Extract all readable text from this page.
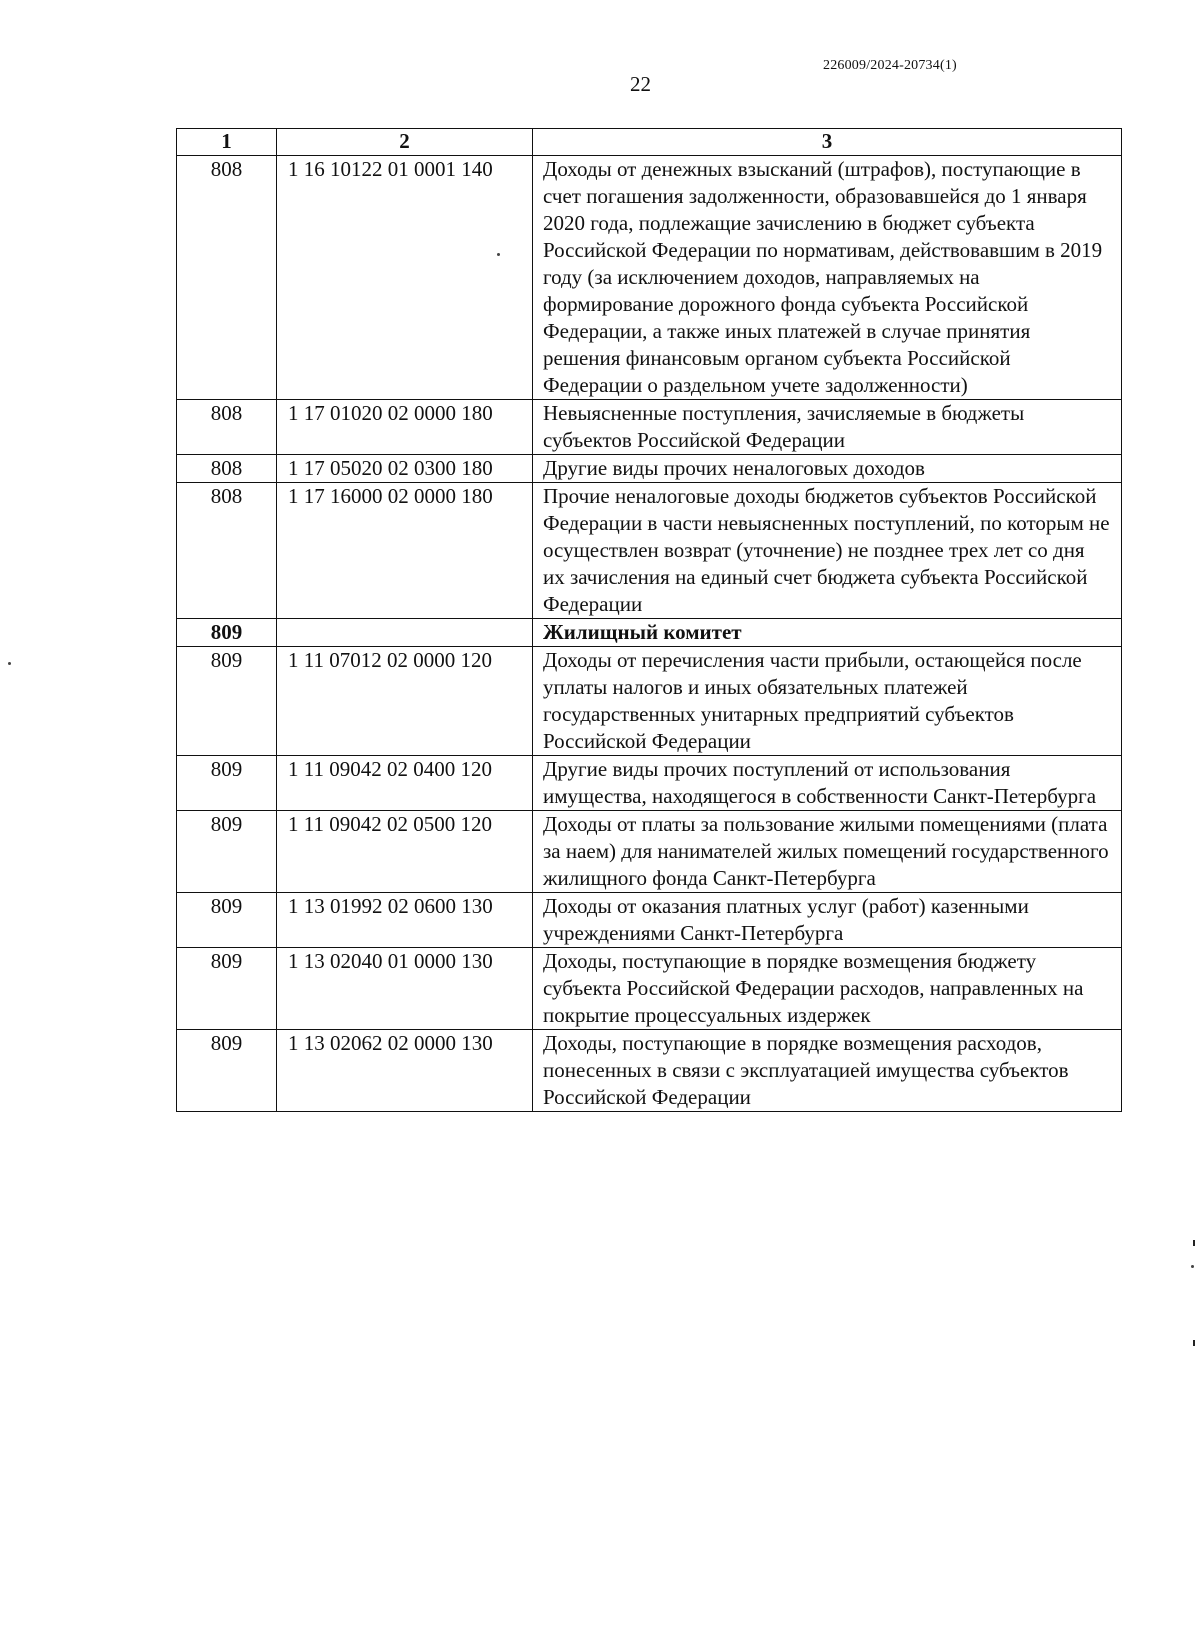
226009/2024-20734(1)
22
1	2	3
808	1 16 10122 01 0001 140	Доходы от денежных взысканий (штрафов), поступающие в счет погашения задолженности, образовавшейся до 1 января 2020 года, подлежащие зачислению в бюджет субъекта Российской Федерации по нормативам, действовавшим в 2019 году (за исключением доходов, направляемых на формирование дорожного фонда субъекта Российской Федерации, а также иных платежей в случае принятия решения финансовым органом субъекта Российской Федерации о раздельном учете задолженности)
808	1 17 01020 02 0000 180	Невыясненные поступления, зачисляемые в бюджеты субъектов Российской Федерации
808	1 17 05020 02 0300 180	Другие виды прочих неналоговых доходов
808	1 17 16000 02 0000 180	Прочие неналоговые доходы бюджетов субъектов Российской Федерации в части невыясненных поступлений, по которым не осуществлен возврат (уточнение) не позднее трех лет со дня их зачисления на единый счет бюджета субъекта Российской Федерации
809		Жилищный комитет
809	1 11 07012 02 0000 120	Доходы от перечисления части прибыли, остающейся после уплаты налогов и иных обязательных платежей государственных унитарных предприятий субъектов Российской Федерации
809	1 11 09042 02 0400 120	Другие виды прочих поступлений от использования имущества, находящегося в собственности Санкт-Петербурга
809	1 11 09042 02 0500 120	Доходы от платы за пользование жилыми помещениями (плата за наем) для нанимателей жилых помещений государственного жилищного фонда Санкт-Петербурга
809	1 13 01992 02 0600 130	Доходы от оказания платных услуг (работ) казенными учреждениями Санкт-Петербурга
809	1 13 02040 01 0000 130	Доходы, поступающие в порядке возмещения бюджету субъекта Российской Федерации расходов, направленных на покрытие процессуальных издержек
809	1 13 02062 02 0000 130	Доходы, поступающие в порядке возмещения расходов, понесенных в связи с эксплуатацией имущества субъектов Российской Федерации
